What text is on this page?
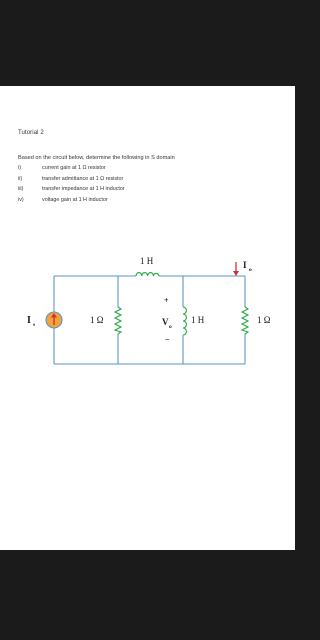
Tutorial 2
Based on the circuit below, determine the following in S domain
i)	current gain at 1 Ω resistor
ii)	transfer admittance at 1 Ω resistor
iii)	transfer impedance at 1 H inductor
iv)	voltage gain at 1 H inductor
I s	1 Ω
1 H
1 H
+
V o
−
I o
1 Ω
